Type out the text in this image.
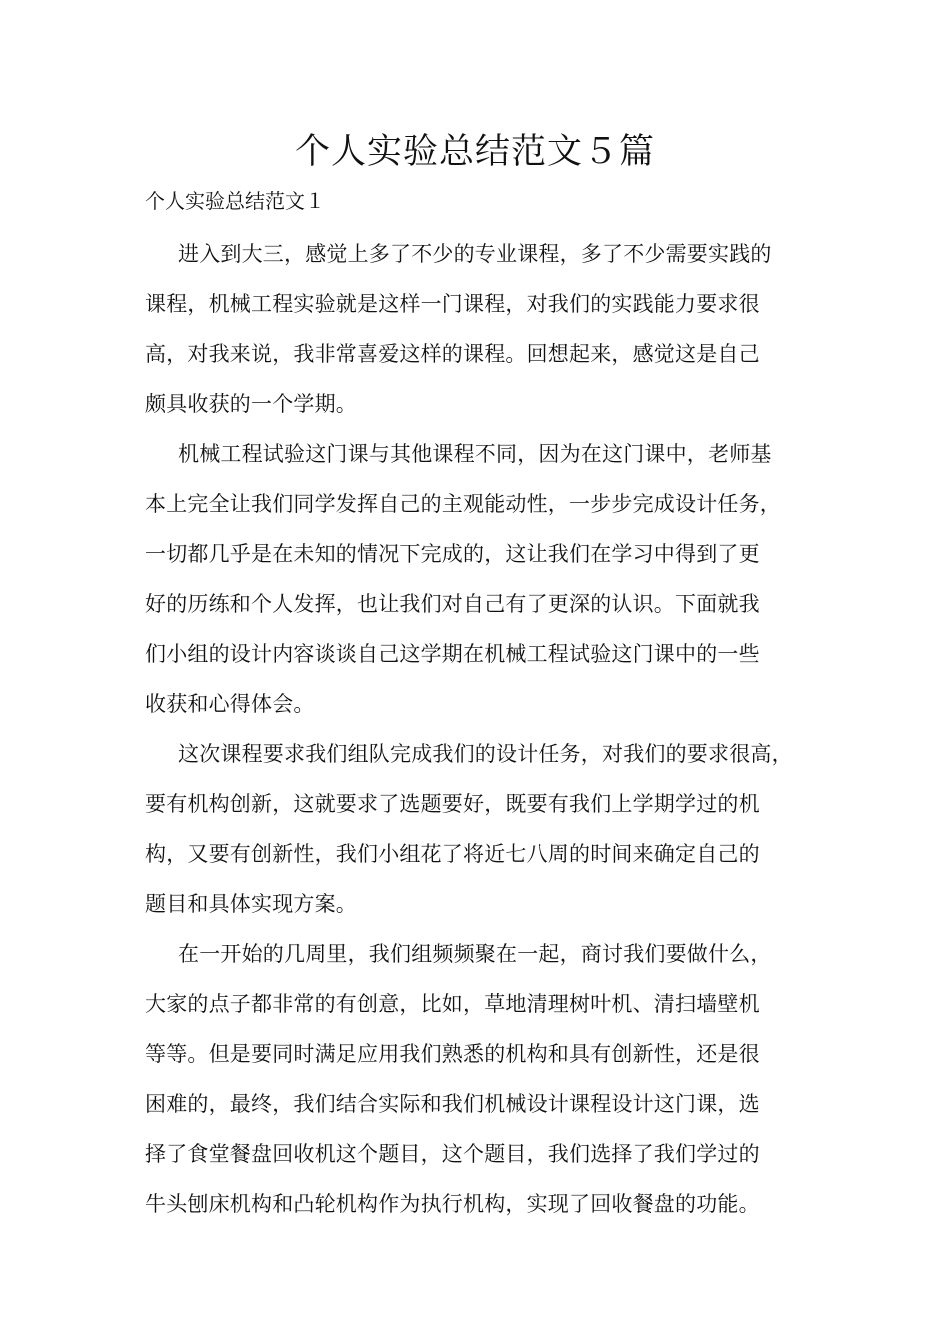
个人实验总结范文５篇
个人实验总结范文１

进入到大三，感觉上多了不少的专业课程，多了不少需要实践的
课程，机械工程实验就是这样一门课程，对我们的实践能力要求很
高，对我来说，我非常喜爱这样的课程。回想起来，感觉这是自己
颇具收获的一个学期。

机械工程试验这门课与其他课程不同，因为在这门课中，老师基
本上完全让我们同学发挥自己的主观能动性，一步步完成设计任务，
一切都几乎是在未知的情况下完成的，这让我们在学习中得到了更
好的历练和个人发挥，也让我们对自己有了更深的认识。下面就我
们小组的设计内容谈谈自己这学期在机械工程试验这门课中的一些
收获和心得体会。

这次课程要求我们组队完成我们的设计任务，对我们的要求很高，
要有机构创新，这就要求了选题要好，既要有我们上学期学过的机
构，又要有创新性，我们小组花了将近七八周的时间来确定自己的
题目和具体实现方案。

在一开始的几周里，我们组频频聚在一起，商讨我们要做什么，
大家的点子都非常的有创意，比如，草地清理树叶机、清扫墙壁机
等等。但是要同时满足应用我们熟悉的机构和具有创新性，还是很
困难的，最终，我们结合实际和我们机械设计课程设计这门课，选
择了食堂餐盘回收机这个题目，这个题目，我们选择了我们学过的
牛头刨床机构和凸轮机构作为执行机构，实现了回收餐盘的功能。
